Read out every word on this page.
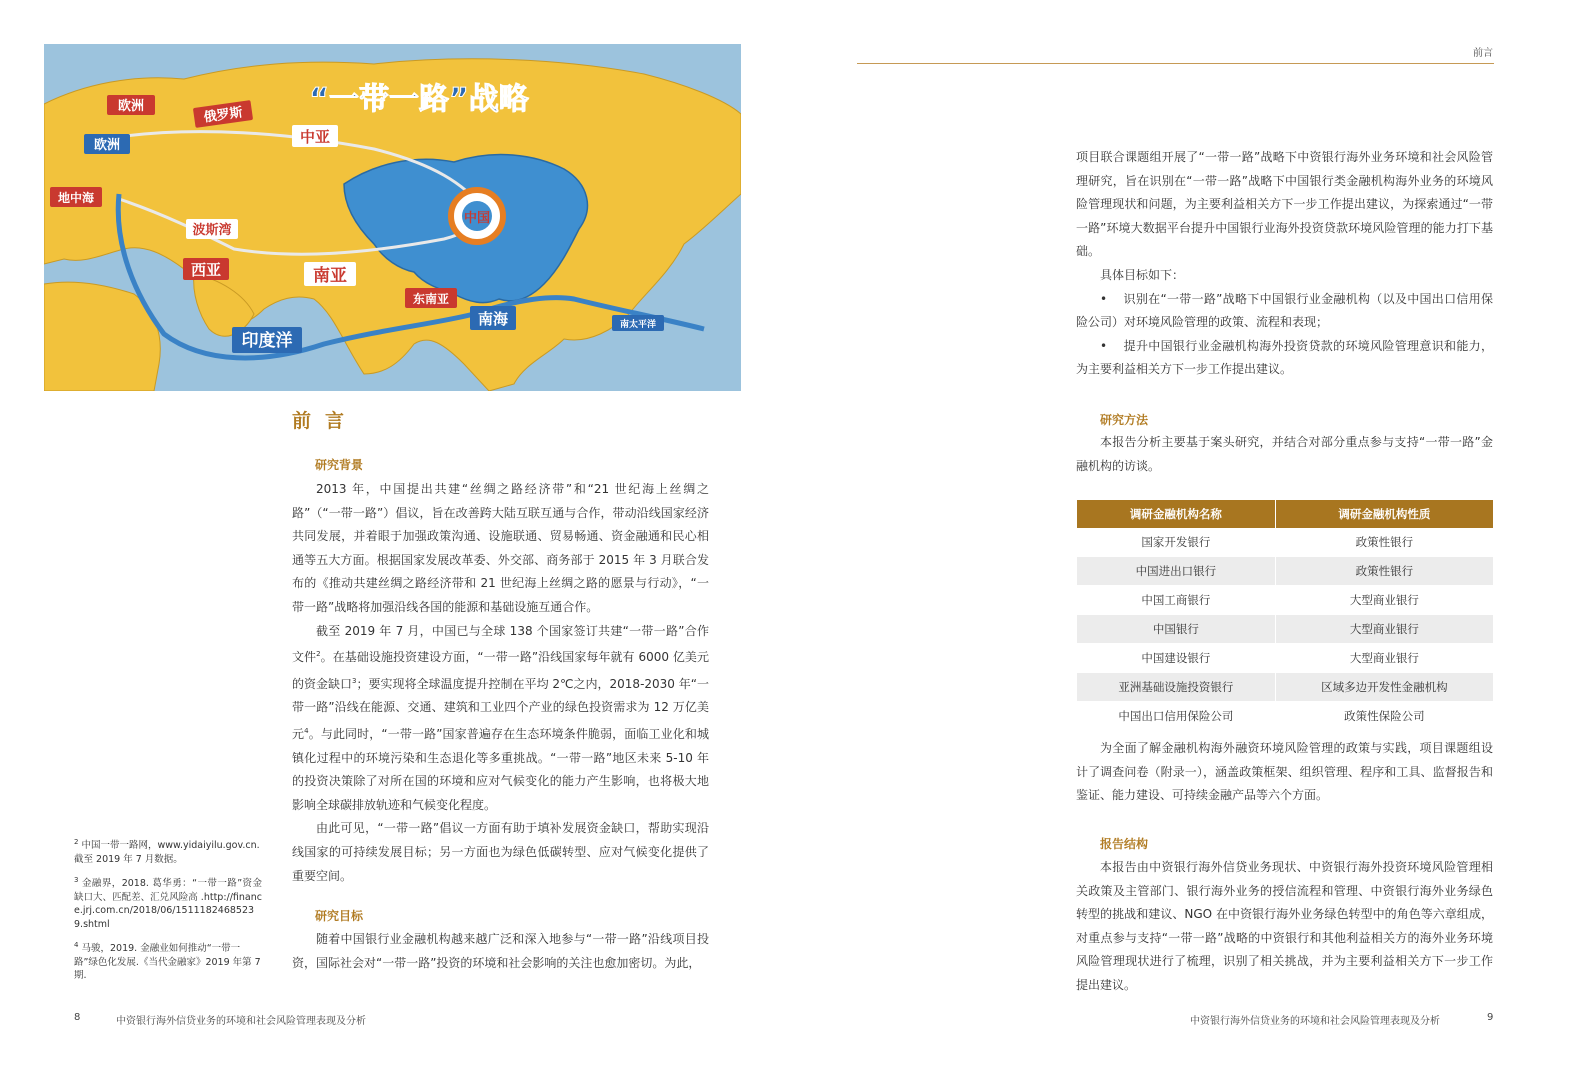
“一带一路”战略
欧洲	俄罗斯
中亚
欧洲
地中海
波斯湾
西亚	南亚
东南亚
南海
印度洋
南太平洋
中国
前言
研究背景

2013 年，中国提出共建“丝绸之路经济带”和“21 世纪海上丝绸之路”（“一带一路”）倡议，旨在改善跨大陆互联互通与合作，带动沿线国家经济共同发展，并着眼于加强政策沟通、设施联通、贸易畅通、资金融通和民心相通等五大方面。根据国家发展改革委、外交部、商务部于 2015 年 3 月联合发布的《推动共建丝绸之路经济带和 21 世纪海上丝绸之路的愿景与行动》，“一带一路”战略将加强沿线各国的能源和基础设施互通合作。

截至 2019 年 7 月，中国已与全球 138 个国家签订共建“一带一路”合作文件$^2$。在基础设施投资建设方面，“一带一路”沿线国家每年就有 6000 亿美元的资金缺口$^3$；要实现将全球温度提升控制在平均 2℃之内，2018-2030 年“一带一路”沿线在能源、交通、建筑和工业四个产业的绿色投资需求为 12 万亿美元$^4$。与此同时，“一带一路”国家普遍存在生态环境条件脆弱，面临工业化和城镇化过程中的环境污染和生态退化等多重挑战。“一带一路”地区未来 5-10 年的投资决策除了对所在国的环境和应对气候变化的能力产生影响，也将极大地影响全球碳排放轨迹和气候变化程度。

由此可见，“一带一路”倡议一方面有助于填补发展资金缺口，帮助实现沿线国家的可持续发展目标；另一方面也为绿色低碳转型、应对气候变化提供了重要空间。

研究目标

随着中国银行业金融机构越来越广泛和深入地参与“一带一路”沿线项目投资，国际社会对“一带一路”投资的环境和社会影响的关注也愈加密切。为此，

$^2$ 中国一带一路网，www.yidaiyilu.gov.cn. 截至 2019 年 7 月数据。
$^3$ 金融界，2018. 葛华勇：“一带一路”资金缺口大、匹配差、汇兑风险高 .http://finance.jrj.com.cn/2018/06/15111824685239.shtml
$^4$ 马骏，2019. 金融业如何推动“一带一路”绿色化发展.《当代金融家》2019 年第 7 期.
8	中资银行海外信贷业务的环境和社会风险管理表现及分析
前言

项目联合课题组开展了“一带一路”战略下中资银行海外业务环境和社会风险管理研究，旨在识别在“一带一路”战略下中国银行类金融机构海外业务的环境风险管理现状和问题，为主要利益相关方下一步工作提出建议，为探索通过“一带一路”环境大数据平台提升中国银行业海外投资贷款环境风险管理的能力打下基础。

具体目标如下：

•    识别在“一带一路”战略下中国银行业金融机构（以及中国出口信用保险公司）对环境风险管理的政策、流程和表现；
•    提升中国银行业金融机构海外投资贷款的环境风险管理意识和能力，为主要利益相关方下一步工作提出建议。
研究方法

本报告分析主要基于案头研究，并结合对部分重点参与支持“一带一路”金融机构的访谈。

调研金融机构名称	调研金融机构性质
国家开发银行	政策性银行
中国进出口银行	政策性银行
中国工商银行	大型商业银行
中国银行	大型商业银行
中国建设银行	大型商业银行
亚洲基础设施投资银行	区域多边开发性金融机构
中国出口信用保险公司	政策性保险公司

为全面了解金融机构海外融资环境风险管理的政策与实践，项目课题组设计了调查问卷（附录一），涵盖政策框架、组织管理、程序和工具、监督报告和鉴证、能力建设、可持续金融产品等六个方面。

报告结构

本报告由中资银行海外信贷业务现状、中资银行海外投资环境风险管理相关政策及主管部门、银行海外业务的授信流程和管理、中资银行海外业务绿色转型的挑战和建议、NGO 在中资银行海外业务绿色转型中的角色等六章组成，对重点参与支持“一带一路”战略的中资银行和其他利益相关方的海外业务环境风险管理现状进行了梳理，识别了相关挑战，并为主要利益相关方下一步工作提出建议。

中资银行海外信贷业务的环境和社会风险管理表现及分析	9
